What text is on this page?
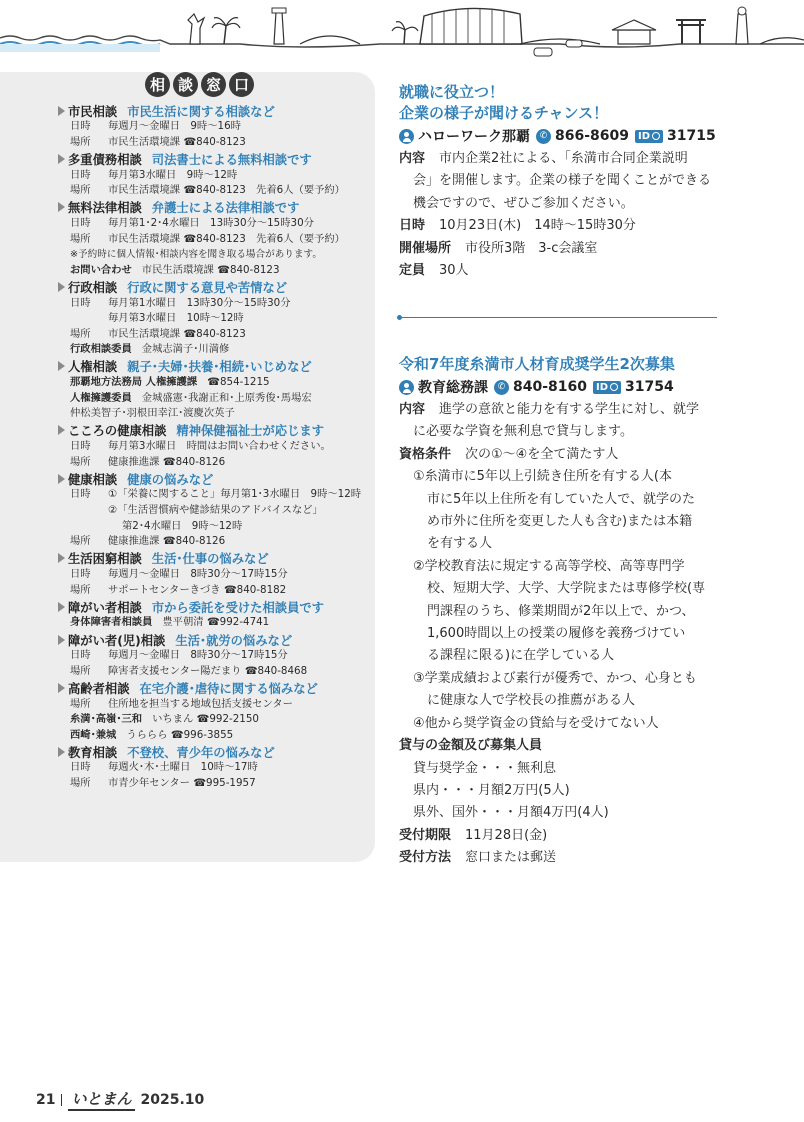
相 談 窓 口
市民相談 市民生活に関する相談など
日時	毎週月～金曜日　9時～16時
場所	市民生活環境課 ☎840-8123
多重債務相談 司法書士による無料相談です
日時	毎月第3水曜日　9時～12時
場所	市民生活環境課 ☎840-8123　先着6人（要予約）
無料法律相談 弁護士による法律相談です
日時	毎月第1･2･4水曜日　13時30分～15時30分
場所	市民生活環境課 ☎840-8123　先着6人（要予約）
※予約時に個人情報･相談内容を聞き取る場合があります。
お問い合わせ 市民生活環境課 ☎840-8123
行政相談 行政に関する意見や苦情など
日時	毎月第1水曜日　13時30分～15時30分
毎月第3水曜日　10時～12時
場所	市民生活環境課 ☎840-8123
行政相談委員 金城志満子･川満修
人権相談 親子･夫婦･扶養･相続･いじめなど
那覇地方法務局 人権擁護課 ☎854-1215
人権擁護委員 金城盛憲･我謝正和･上原秀俊･馬場宏
仲松美智子･羽根田幸江･渡慶次英子
こころの健康相談 精神保健福祉士が応じます
日時	毎月第3水曜日　時間はお問い合わせください。
場所	健康推進課 ☎840-8126
健康相談 健康の悩みなど
日時	①「栄養に関すること」毎月第1･3水曜日　9時～12時
②「生活習慣病や健診結果のアドバイスなど」
第2･4水曜日　9時～12時
場所	健康推進課 ☎840-8126
生活困窮相談 生活･仕事の悩みなど
日時	毎週月～金曜日　8時30分～17時15分
場所	サポートセンターきづき ☎840-8182
障がい者相談 市から委託を受けた相談員です
身体障害者相談員 豊平朝清 ☎992-4741
障がい者(児)相談 生活･就労の悩みなど
日時	毎週月～金曜日　8時30分～17時15分
場所	障害者支援センター陽だまり ☎840-8468
高齢者相談 在宅介護･虐待に関する悩みなど
場所	住所地を担当する地域包括支援センター
糸満･高嶺･三和 いちまん ☎992-2150
西崎･兼城 うららら ☎996-3855
教育相談 不登校、青少年の悩みなど
日時	毎週火･木･土曜日　10時～17時
場所	市青少年センター ☎995-1957
就職に役立つ！
企業の様子が聞けるチャンス！
ハローワーク那覇	✆ 866-8609 ID 31715
内容 市内企業2社による、「糸満市合同企業説明
会」を開催します。企業の様子を聞くことができる
機会ですので、ぜひご参加ください。
日時 10月23日(木)　14時～15時30分
開催場所 市役所3階　3-c会議室
定員 30人
令和7年度糸満市人材育成奨学生2次募集
教育総務課	✆ 840-8160 ID 31754
内容 進学の意欲と能力を有する学生に対し、就学
に必要な学資を無利息で貸与します。
資格条件 次の①～④を全て満たす人
①糸満市に5年以上引続き住所を有する人(本
市に5年以上住所を有していた人で、就学のた
め市外に住所を変更した人も含む)または本籍
を有する人
②学校教育法に規定する高等学校、高等専門学
校、短期大学、大学、大学院または専修学校(専
門課程のうち、修業期間が2年以上で、かつ、
1,600時間以上の授業の履修を義務づけてい
る課程に限る)に在学している人
③学業成績および素行が優秀で、かつ、心身とも
に健康な人で学校長の推薦がある人
④他から奨学資金の貸給与を受けてない人
貸与の金額及び募集人員
貸与奨学金・・・無利息
県内・・・月額2万円(5人)
県外、国外・・・月額4万円(4人)
受付期限 11月28日(金)
受付方法 窓口または郵送
21 いとまん 2025.10
